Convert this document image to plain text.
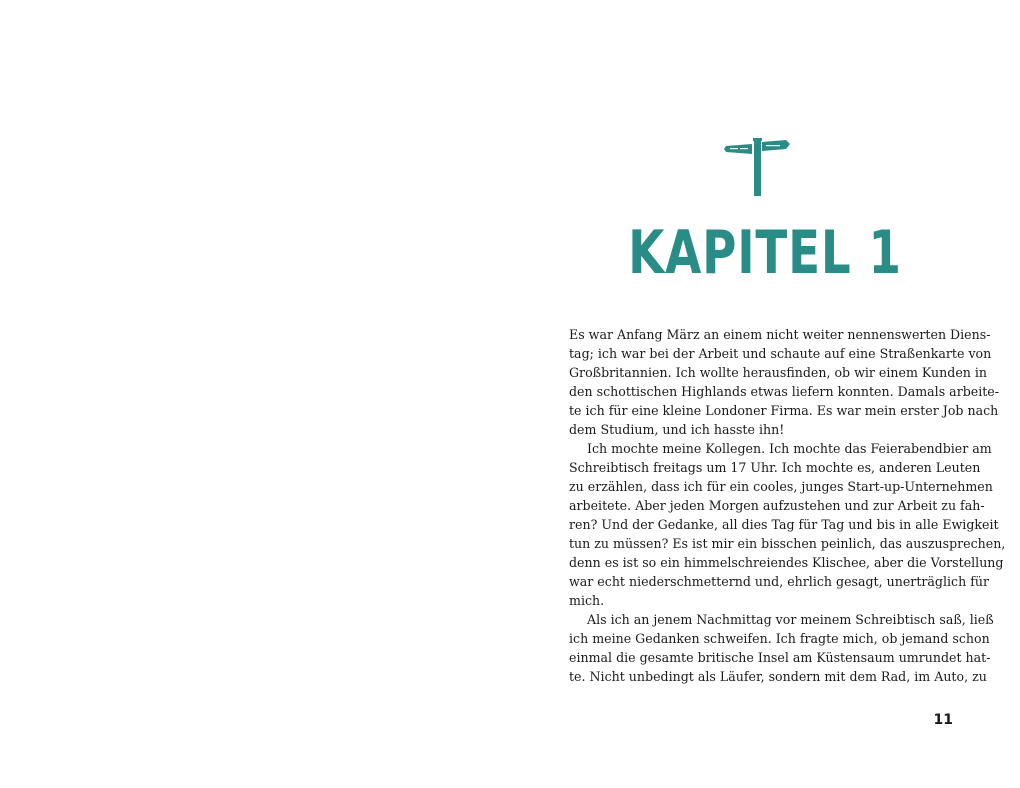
KAPITEL 1
Es war Anfang März an einem nicht weiter nennenswerten Diens-
tag; ich war bei der Arbeit und schaute auf eine Straßenkarte von
Großbritannien. Ich wollte herausfinden, ob wir einem Kunden in
den schottischen Highlands etwas liefern konnten. Damals arbeite-
te ich für eine kleine Londoner Firma. Es war mein erster Job nach
dem Studium, und ich hasste ihn!
Ich mochte meine Kollegen. Ich mochte das Feierabendbier am
Schreibtisch freitags um 17 Uhr. Ich mochte es, anderen Leuten
zu erzählen, dass ich für ein cooles, junges Start-up-Unternehmen
arbeitete. Aber jeden Morgen aufzustehen und zur Arbeit zu fah-
ren? Und der Gedanke, all dies Tag für Tag und bis in alle Ewigkeit
tun zu müssen? Es ist mir ein bisschen peinlich, das auszusprechen,
denn es ist so ein himmelschreiendes Klischee, aber die Vorstellung
war echt niederschmetternd und, ehrlich gesagt, unerträglich für
mich.
Als ich an jenem Nachmittag vor meinem Schreibtisch saß, ließ
ich meine Gedanken schweifen. Ich fragte mich, ob jemand schon
einmal die gesamte britische Insel am Küstensaum umrundet hat-
te. Nicht unbedingt als Läufer, sondern mit dem Rad, im Auto, zu
11
